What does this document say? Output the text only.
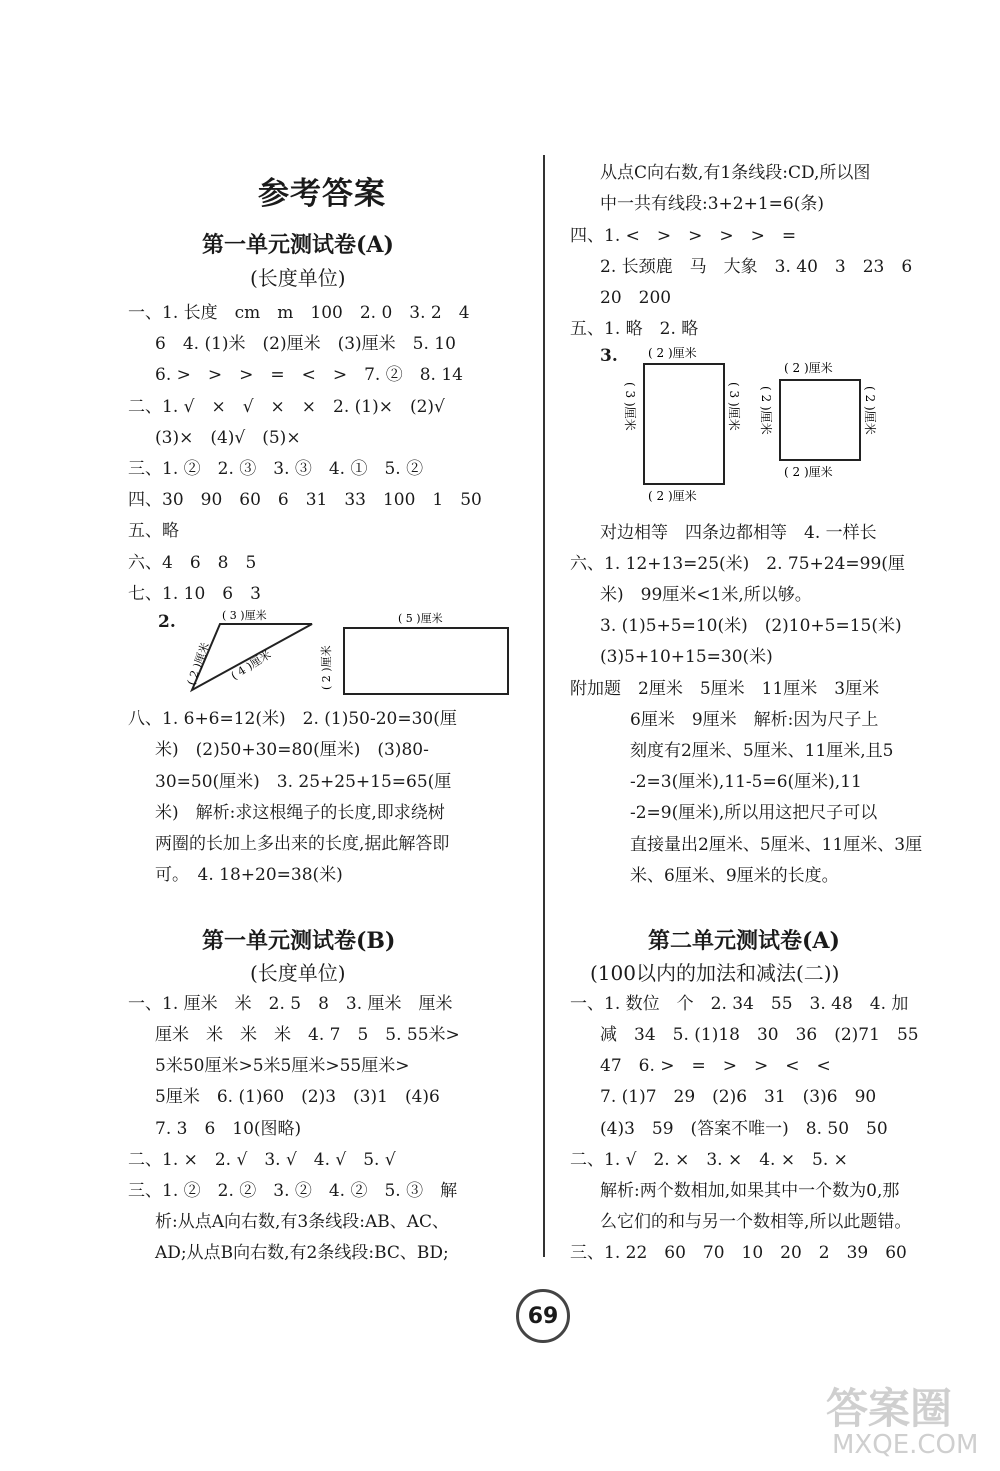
参考答案
第一单元测试卷(A)
(长度单位)
一、1. 长度　cm　m　100　2. 0　3. 2　4
6　4. (1)米　(2)厘米　(3)厘米　5. 10
6. >　>　>　=　<　>　7. ②　8. 14
二、1. √　×　√　×　×　2. (1)×　(2)√
(3)×　(4)√　(5)×
三、1. ②　2. ③　3. ③　4. ①　5. ②
四、30　90　60　6　31　33　100　1　50
五、略
六、4　6　8　5
七、1. 10　6　3
2.	( 3 )厘米
( 2 )厘米 ( 4 )厘米
( 5 )厘米
( 2 )厘米
八、1. 6+6=12(米)　2. (1)50-20=30(厘
米)　(2)50+30=80(厘米)　(3)80-
30=50(厘米)　3. 25+25+15=65(厘
米)　解析:求这根绳子的长度,即求绕树
两圈的长加上多出来的长度,据此解答即
可。　4. 18+20=38(米)
第一单元测试卷(B)
(长度单位)
一、1. 厘米　米　2. 5　8　3. 厘米　厘米
厘米　米　米　米　4. 7　5　5. 55米>
5米50厘米>5米5厘米>55厘米>
5厘米　6. (1)60　(2)3　(3)1　(4)6
7. 3　6　10(图略)
二、1. ×　2. √　3. √　4. √　5. √
三、1. ②　2. ②　3. ②　4. ②　5. ③　解
析:从点A向右数,有3条线段:AB、AC、
AD;从点B向右数,有2条线段:BC、BD;
从点C向右数,有1条线段:CD,所以图
中一共有线段:3+2+1=6(条)
四、1. <　>　>　>　>　=
2. 长颈鹿　马　大象　3. 40　3　23　6
20　200
五、1. 略　2. 略
3.	( 2 )厘米
( 2 )厘米
( 3 )厘米	( 3 )厘米
( 2 )厘米
( 2 )厘米
( 2 )厘米	( 2 )厘米
对边相等　四条边都相等　4. 一样长
六、1. 12+13=25(米)　2. 75+24=99(厘
米)　99厘米<1米,所以够。
3. (1)5+5=10(米)　(2)10+5=15(米)
(3)5+10+15=30(米)
附加题　2厘米　5厘米　11厘米　3厘米
6厘米　9厘米　解析:因为尺子上
刻度有2厘米、5厘米、11厘米,且5
-2=3(厘米),11-5=6(厘米),11
-2=9(厘米),所以用这把尺子可以
直接量出2厘米、5厘米、11厘米、3厘
米、6厘米、9厘米的长度。
第二单元测试卷(A)
(100以内的加法和减法(二))
一、1. 数位　个　2. 34　55　3. 48　4. 加
减　34　5. (1)18　30　36　(2)71　55
47　6. >　=　>　>　<　<
7. (1)7　29　(2)6　31　(3)6　90
(4)3　59　(答案不唯一)　8. 50　50
二、1. √　2. ×　3. ×　4. ×　5. ×
解析:两个数相加,如果其中一个数为0,那
么它们的和与另一个数相等,所以此题错。
三、1. 22　60　70　10　20　2　39　60
69
答案圈
MXQE.COM
